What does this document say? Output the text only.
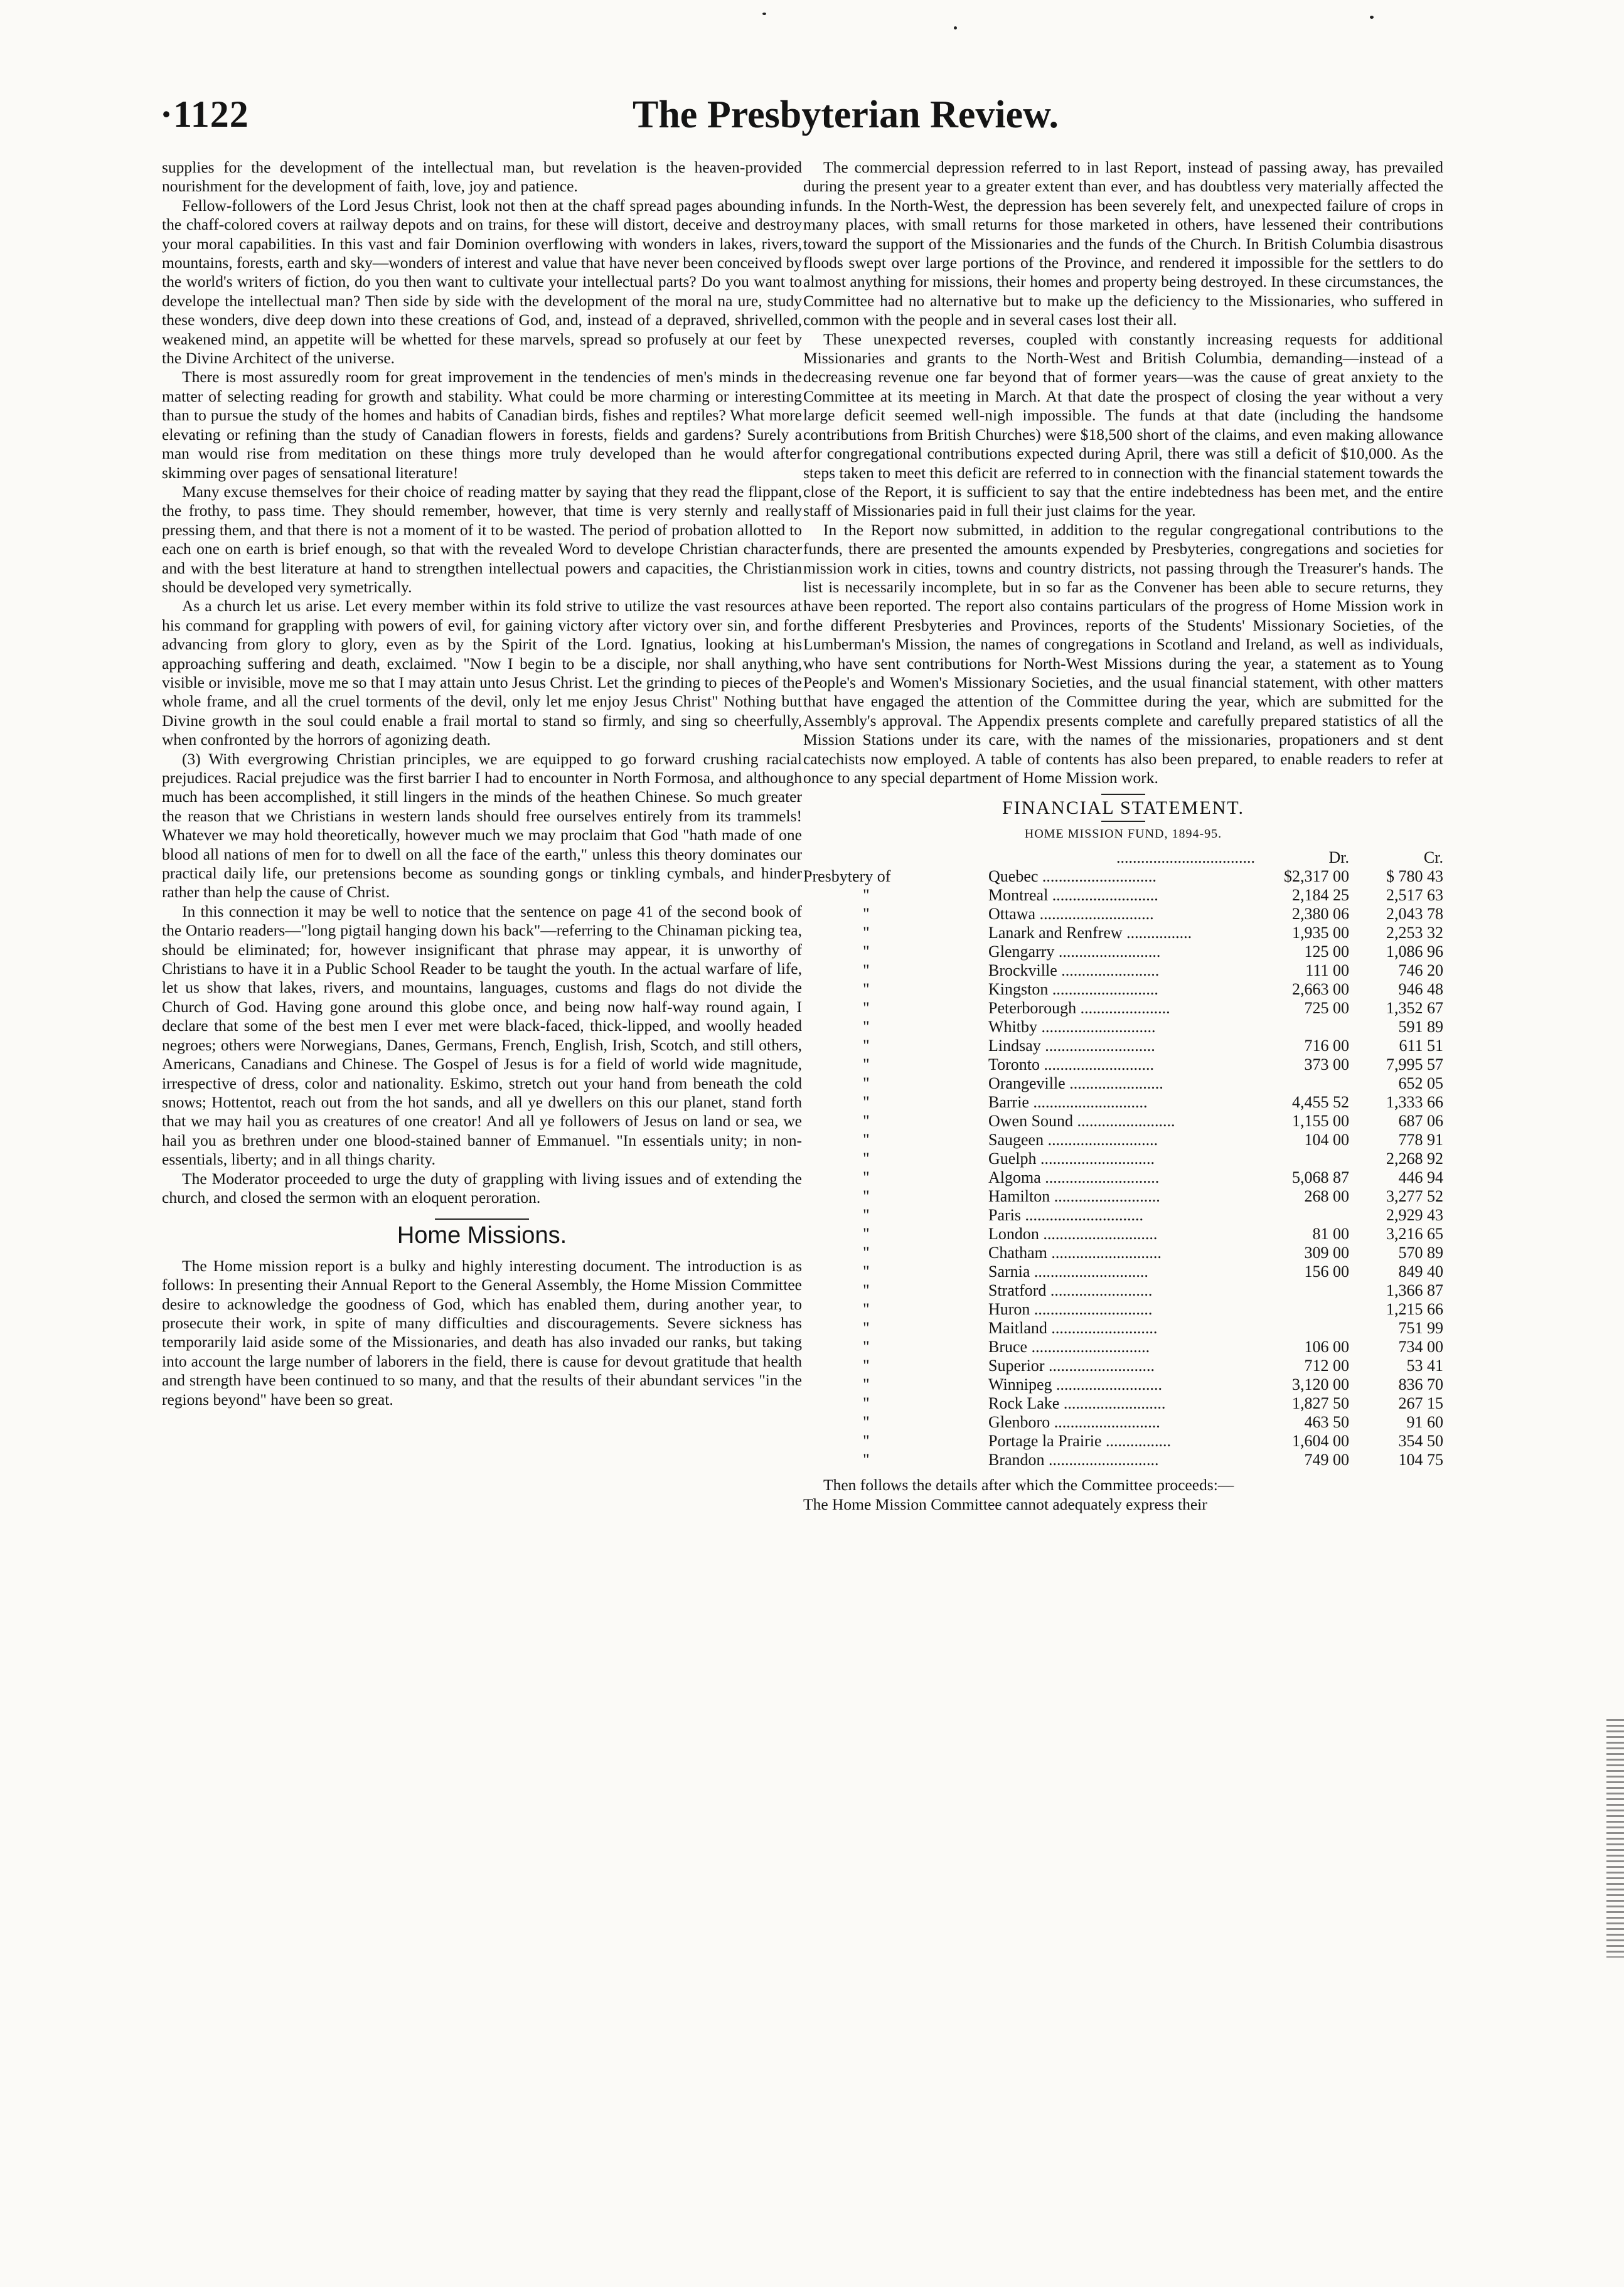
·1122	The Presbyterian Review.

supplies for the development of the intellectual man, but revelation is the heaven-provided nourishment for the development of faith, love, joy and patience.

Fellow-followers of the Lord Jesus Christ, look not then at the chaff spread pages abounding in the chaff-colored covers at railway depots and on trains, for these will distort, deceive and destroy your moral capabilities. In this vast and fair Dominion overflowing with wonders in lakes, rivers, mountains, forests, earth and sky—wonders of interest and value that have never been conceived by the world's writers of fiction, do you then want to cultivate your intellectual parts? Do you want to develope the intellectual man? Then side by side with the development of the moral na ure, study these wonders, dive deep down into these creations of God, and, instead of a depraved, shrivelled, weakened mind, an appetite will be whetted for these marvels, spread so profusely at our feet by the Divine Architect of the universe.

There is most assuredly room for great improvement in the tendencies of men's minds in the matter of selecting reading for growth and stability. What could be more charming or interesting than to pursue the study of the homes and habits of Canadian birds, fishes and reptiles? What more elevating or refining than the study of Canadian flowers in forests, fields and gardens? Surely a man would rise from meditation on these things more truly developed than he would after skimming over pages of sensational literature!

Many excuse themselves for their choice of reading matter by saying that they read the flippant, the frothy, to pass time. They should remember, however, that time is very sternly and really pressing them, and that there is not a moment of it to be wasted. The period of probation allotted to each one on earth is brief enough, so that with the revealed Word to develope Christian character and with the best literature at hand to strengthen intellectual powers and capacities, the Christian should be developed very symetrically.

As a church let us arise. Let every member within its fold strive to utilize the vast resources at his command for grappling with powers of evil, for gaining victory after victory over sin, and for advancing from glory to glory, even as by the Spirit of the Lord. Ignatius, looking at his approaching suffering and death, exclaimed. "Now I begin to be a disciple, nor shall anything, visible or invisible, move me so that I may attain unto Jesus Christ. Let the grinding to pieces of the whole frame, and all the cruel torments of the devil, only let me enjoy Jesus Christ" Nothing but Divine growth in the soul could enable a frail mortal to stand so firmly, and sing so cheerfully, when confronted by the horrors of agonizing death.

(3) With evergrowing Christian principles, we are equipped to go forward crushing racial prejudices. Racial prejudice was the first barrier I had to encounter in North Formosa, and although much has been accomplished, it still lingers in the minds of the heathen Chinese. So much greater the reason that we Christians in western lands should free ourselves entirely from its trammels! Whatever we may hold theoretically, however much we may proclaim that God "hath made of one blood all nations of men for to dwell on all the face of the earth," unless this theory dominates our practical daily life, our pretensions become as sounding gongs or tinkling cymbals, and hinder rather than help the cause of Christ.

In this connection it may be well to notice that the sentence on page 41 of the second book of the Ontario readers—"long pigtail hanging down his back"—referring to the Chinaman picking tea, should be eliminated; for, however insignificant that phrase may appear, it is unworthy of Christians to have it in a Public School Reader to be taught the youth. In the actual warfare of life, let us show that lakes, rivers, and mountains, languages, customs and flags do not divide the Church of God. Having gone around this globe once, and being now half-way round again, I declare that some of the best men I ever met were black-faced, thick-lipped, and woolly headed negroes; others were Norwegians, Danes, Germans, French, English, Irish, Scotch, and still others, Americans, Canadians and Chinese. The Gospel of Jesus is for a field of world wide magnitude, irrespective of dress, color and nationality. Eskimo, stretch out your hand from beneath the cold snows; Hottentot, reach out from the hot sands, and all ye dwellers on this our planet, stand forth that we may hail you as creatures of one creator! And all ye followers of Jesus on land or sea, we hail you as brethren under one blood-stained banner of Emmanuel. "In essentials unity; in non-essentials, liberty; and in all things charity.

The Moderator proceeded to urge the duty of grappling with living issues and of extending the church, and closed the sermon with an eloquent peroration.

Home Missions.

The Home mission report is a bulky and highly interesting document. The introduction is as follows: In presenting their Annual Report to the General Assembly, the Home Mission Committee desire to acknowledge the goodness of God, which has enabled them, during another year, to prosecute their work, in spite of many difficulties and discouragements. Severe sickness has temporarily laid aside some of the Missionaries, and death has also invaded our ranks, but taking into account the large number of laborers in the field, there is cause for devout gratitude that health and strength have been continued to so many, and that the results of their abundant services "in the regions beyond" have been so great.

The commercial depression referred to in last Report, instead of passing away, has prevailed during the present year to a greater extent than ever, and has doubtless very materially affected the funds. In the North-West, the depression has been severely felt, and unexpected failure of crops in many places, with small returns for those marketed in others, have lessened their contributions toward the support of the Missionaries and the funds of the Church. In British Columbia disastrous floods swept over large portions of the Province, and rendered it impossible for the settlers to do almost anything for missions, their homes and property being destroyed. In these circumstances, the Committee had no alternative but to make up the deficiency to the Missionaries, who suffered in common with the people and in several cases lost their all.

These unexpected reverses, coupled with constantly increasing requests for additional Missionaries and grants to the North-West and British Columbia, demanding—instead of a decreasing revenue one far beyond that of former years—was the cause of great anxiety to the Committee at its meeting in March. At that date the prospect of closing the year without a very large deficit seemed well-nigh impossible. The funds at that date (including the handsome contributions from British Churches) were $18,500 short of the claims, and even making allowance for congregational contributions expected during April, there was still a deficit of $10,000. As the steps taken to meet this deficit are referred to in connection with the financial statement towards the close of the Report, it is sufficient to say that the entire indebtedness has been met, and the entire staff of Missionaries paid in full their just claims for the year.

In the Report now submitted, in addition to the regular congregational contributions to the funds, there are presented the amounts expended by Presbyteries, congregations and societies for mission work in cities, towns and country districts, not passing through the Treasurer's hands. The list is necessarily incomplete, but in so far as the Convener has been able to secure returns, they have been reported. The report also contains particulars of the progress of Home Mission work in the different Presbyteries and Provinces, reports of the Students' Missionary Societies, of the Lumberman's Mission, the names of congregations in Scotland and Ireland, as well as individuals, who have sent contributions for North-West Missions during the year, a statement as to Young People's and Women's Missionary Societies, and the usual financial statement, with other matters that have engaged the attention of the Committee during the year, which are submitted for the Assembly's approval. The Appendix presents complete and carefully prepared statistics of all the Mission Stations under its care, with the names of the missionaries, propationers and st dent catechists now employed. A table of contents has also been prepared, to enable readers to refer at once to any special department of Home Mission work.

FINANCIAL STATEMENT.
HOME MISSION FUND, 1894-95.
	..................................	Dr.	Cr.
Presbytery of	Quebec ............................	$2,317 00	$ 780 43
"	Montreal ..........................	2,184 25	2,517 63
"	Ottawa ............................	2,380 06	2,043 78
"	Lanark and Renfrew ................	1,935 00	2,253 32
"	Glengarry .........................	125 00	1,086 96
"	Brockville ........................	111 00	746 20
"	Kingston ..........................	2,663 00	946 48
"	Peterborough ......................	725 00	1,352 67
"	Whitby ............................		591 89
"	Lindsay ...........................	716 00	611 51
"	Toronto ...........................	373 00	7,995 57
"	Orangeville .......................		652 05
"	Barrie ............................	4,455 52	1,333 66
"	Owen Sound ........................	1,155 00	687 06
"	Saugeen ...........................	104 00	778 91
"	Guelph ............................		2,268 92
"	Algoma ............................	5,068 87	446 94
"	Hamilton ..........................	268 00	3,277 52
"	Paris .............................		2,929 43
"	London ............................	81 00	3,216 65
"	Chatham ...........................	309 00	570 89
"	Sarnia ............................	156 00	849 40
"	Stratford .........................		1,366 87
"	Huron .............................		1,215 66
"	Maitland ..........................		751 99
"	Bruce .............................	106 00	734 00
"	Superior ..........................	712 00	53 41
"	Winnipeg ..........................	3,120 00	836 70
"	Rock Lake .........................	1,827 50	267 15
"	Glenboro ..........................	463 50	91 60
"	Portage la Prairie ................	1,604 00	354 50
"	Brandon ...........................	749 00	104 75

Then follows the details after which the Committee proceeds:—

The Home Mission Committee cannot adequately express their
